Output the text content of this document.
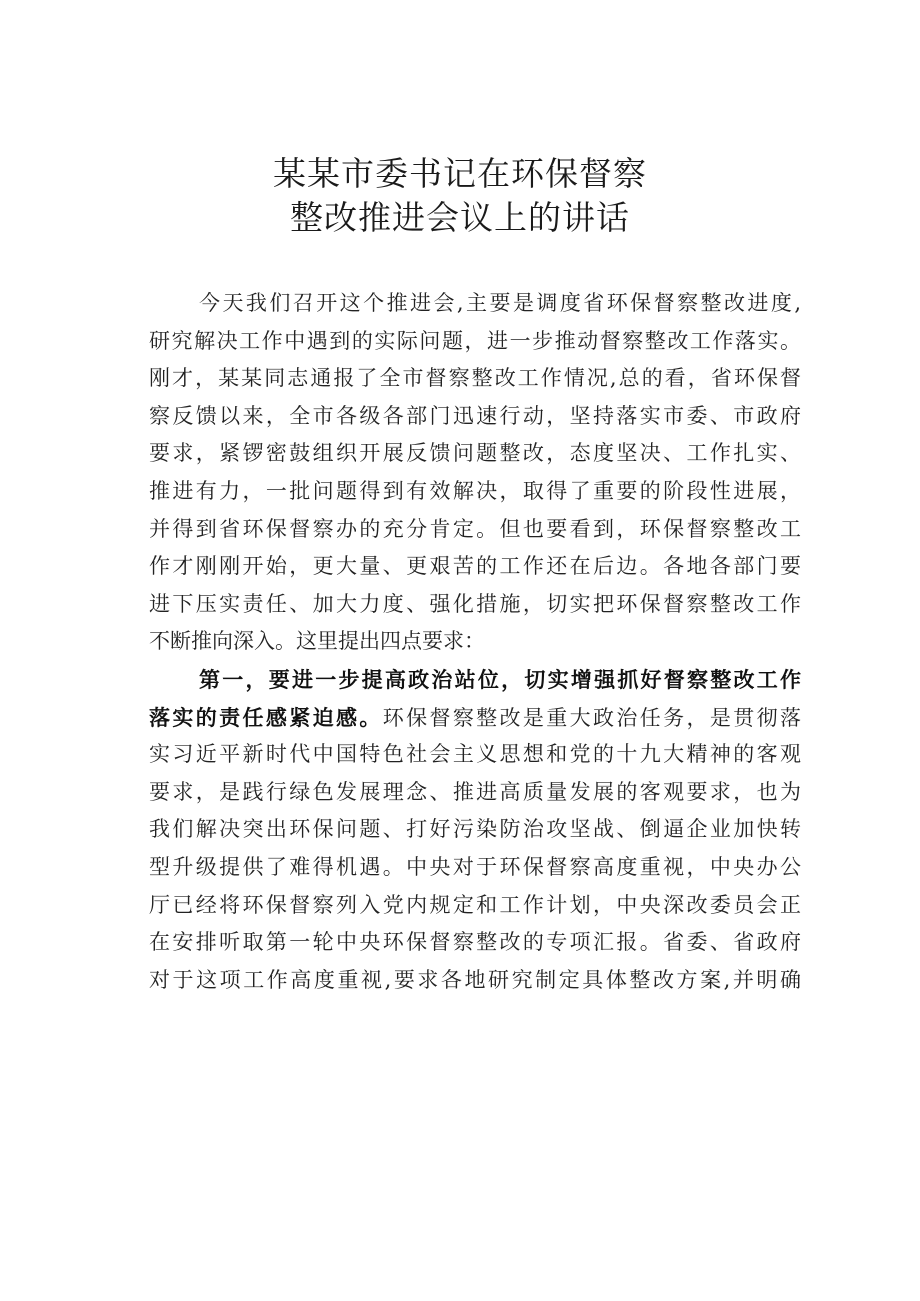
某某市委书记在环保督察
整改推进会议上的讲话
今天我们召开这个推进会,主要是调度省环保督察整改进度,
研究解决工作中遇到的实际问题，进一步推动督察整改工作落实。
刚才，某某同志通报了全市督察整改工作情况,总的看，省环保督
察反馈以来，全市各级各部门迅速行动，坚持落实市委、市政府
要求，紧锣密鼓组织开展反馈问题整改，态度坚决、工作扎实、
推进有力，一批问题得到有效解决，取得了重要的阶段性进展，
并得到省环保督察办的充分肯定。但也要看到，环保督察整改工
作才刚刚开始，更大量、更艰苦的工作还在后边。各地各部门要
进下压实责任、加大力度、强化措施，切实把环保督察整改工作
不断推向深入。这里提出四点要求：
第一，要进一步提高政治站位，切实增强抓好督察整改工作
落实的责任感紧迫感。环保督察整改是重大政治任务，是贯彻落
实习近平新时代中国特色社会主义思想和党的十九大精神的客观
要求，是践行绿色发展理念、推进高质量发展的客观要求，也为
我们解决突出环保问题、打好污染防治攻坚战、倒逼企业加快转
型升级提供了难得机遇。中央对于环保督察高度重视，中央办公
厅已经将环保督察列入党内规定和工作计划，中央深改委员会正
在安排听取第一轮中央环保督察整改的专项汇报。省委、省政府
对于这项工作高度重视,要求各地研究制定具体整改方案,并明确
